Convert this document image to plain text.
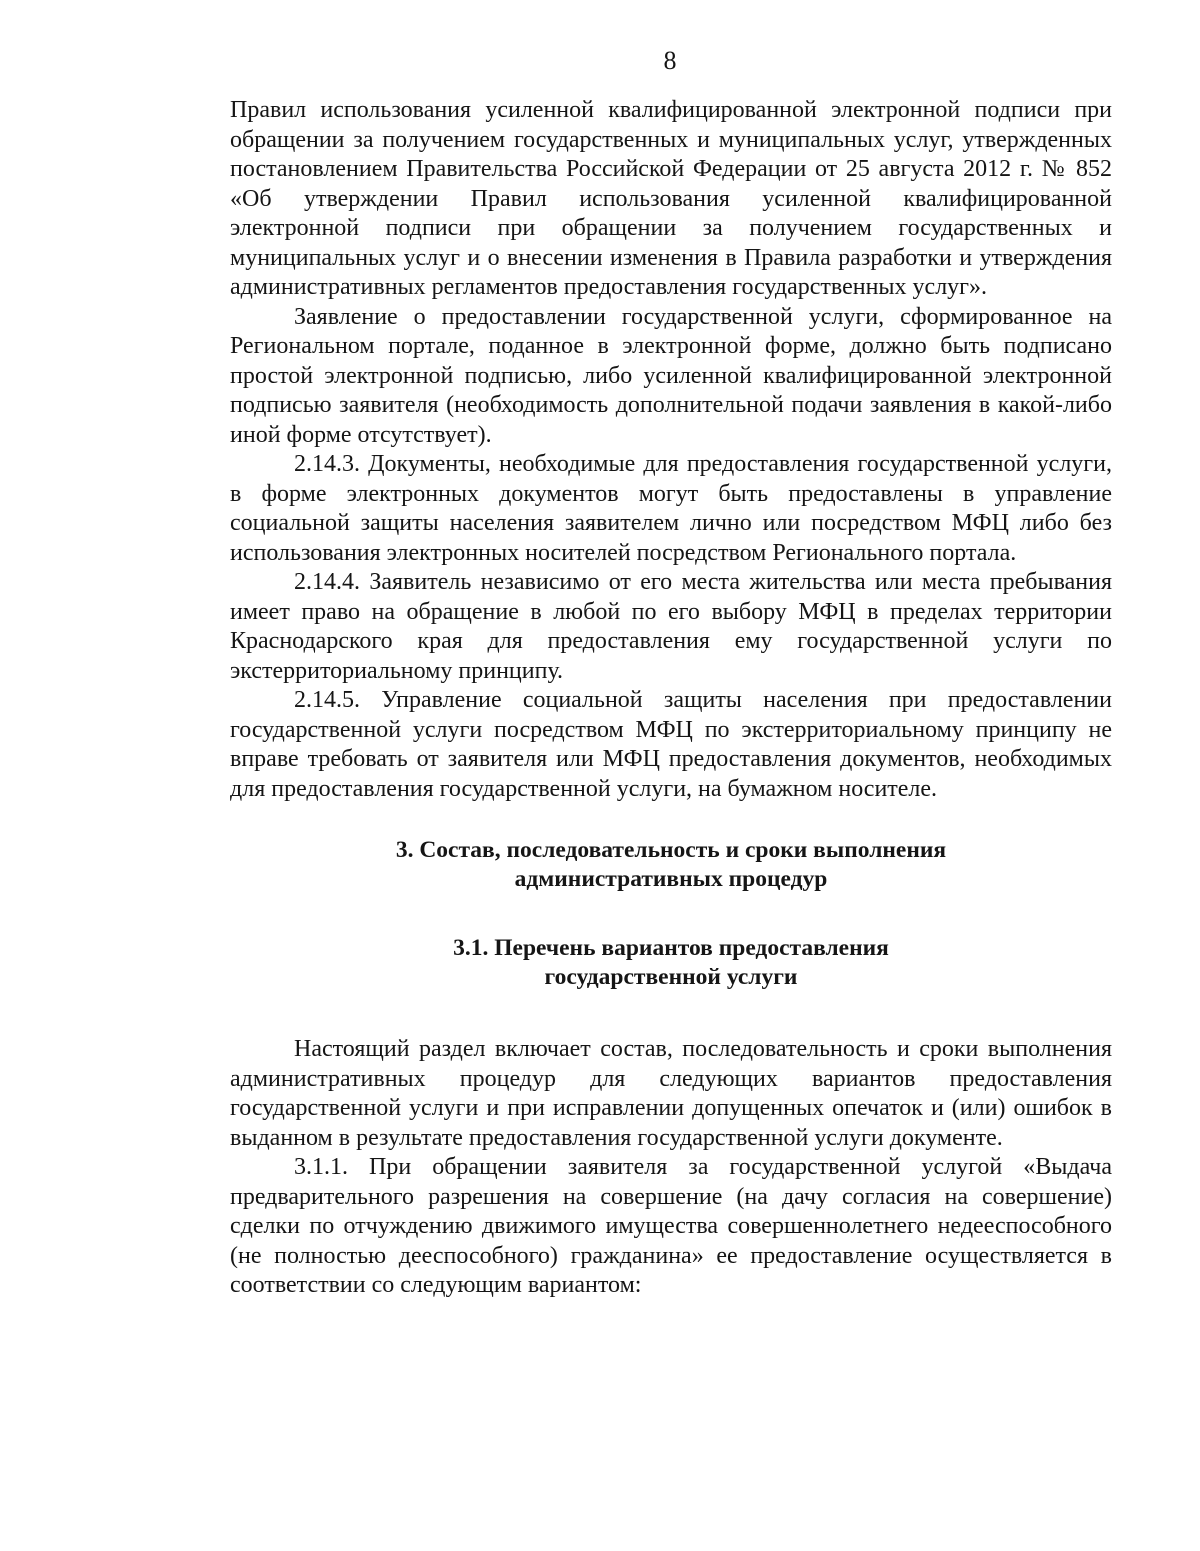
8

Правил использования усиленной квалифицированной электронной подписи при обращении за получением государственных и муниципальных услуг, утвержденных постановлением Правительства Российской Федерации от 25 августа 2012 г. № 852 «Об утверждении Правил использования усиленной квалифицированной электронной подписи при обращении за получением государственных и муниципальных услуг и о внесении изменения в Правила разработки и утверждения административных регламентов предоставления государственных услуг».

Заявление о предоставлении государственной услуги, сформированное на Региональном портале, поданное в электронной форме, должно быть подписано простой электронной подписью, либо усиленной квалифицированной электронной подписью заявителя (необходимость дополнительной подачи заявления в какой-либо иной форме отсутствует).

2.14.3. Документы, необходимые для предоставления государственной услуги, в форме электронных документов могут быть предоставлены в управление социальной защиты населения заявителем лично или посредством МФЦ либо без использования электронных носителей посредством Регионального портала.

2.14.4. Заявитель независимо от его места жительства или места пребывания имеет право на обращение в любой по его выбору МФЦ в пределах территории Краснодарского края для предоставления ему государственной услуги по экстерриториальному принципу.

2.14.5. Управление социальной защиты населения при предоставлении государственной услуги посредством МФЦ по экстерриториальному принципу не вправе требовать от заявителя или МФЦ предоставления документов, необходимых для предоставления государственной услуги, на бумажном носителе.

3. Состав, последовательность и сроки выполнения
административных процедур
3.1. Перечень вариантов предоставления
государственной услуги

Настоящий раздел включает состав, последовательность и сроки выполнения административных процедур для следующих вариантов предоставления государственной услуги и при исправлении допущенных опечаток и (или) ошибок в выданном в результате предоставления государственной услуги документе.

3.1.1. При обращении заявителя за государственной услугой «Выдача предварительного разрешения на совершение (на дачу согласия на совершение) сделки по отчуждению движимого имущества совершеннолетнего недееспособного (не полностью дееспособного) гражданина» ее предоставление осуществляется в соответствии со следующим вариантом:
